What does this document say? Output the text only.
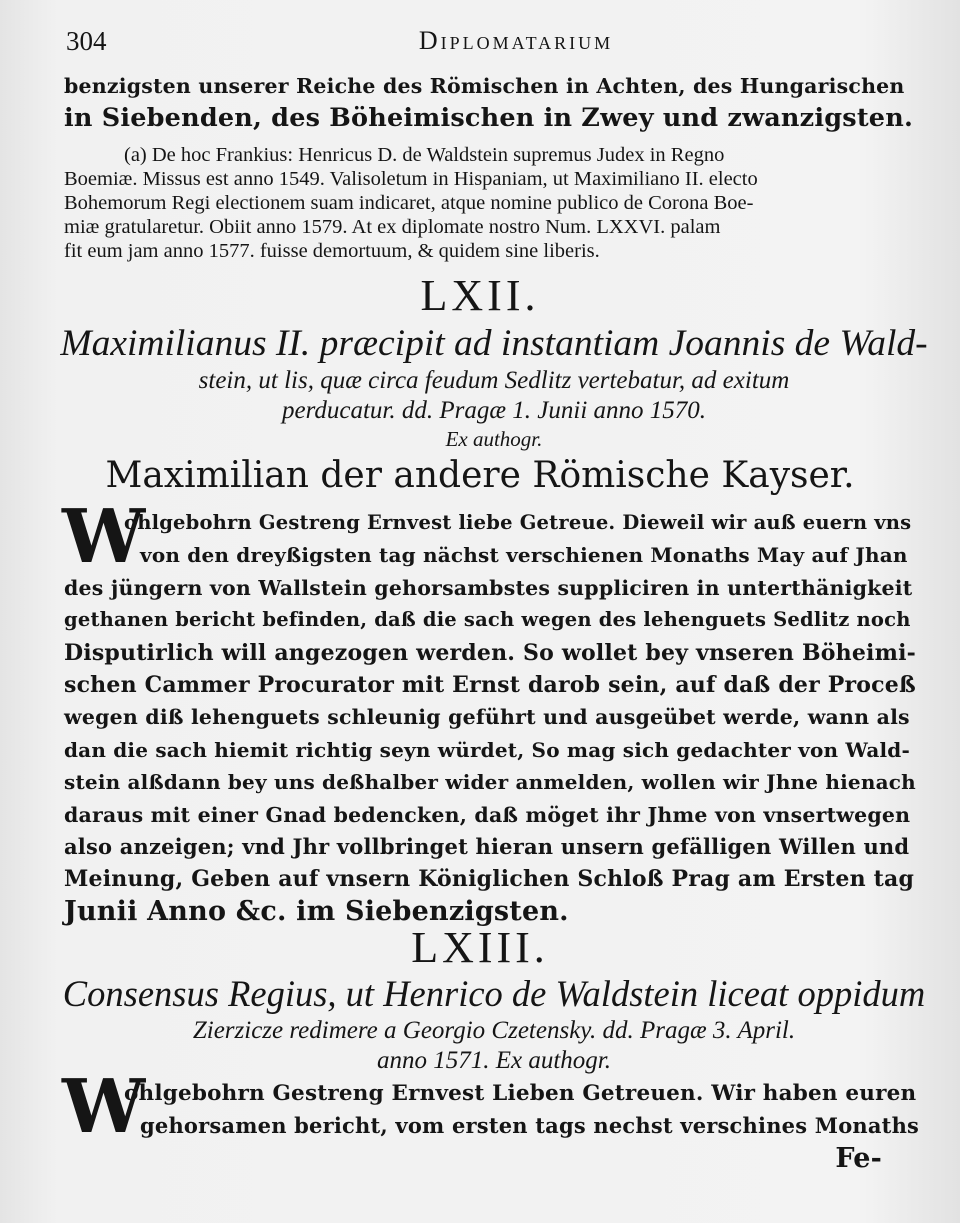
304	Diplomatarium
benzigsten unserer Reiche des Römischen in Achten, des Hungarischen
in Siebenden, des Böheimischen in Zwey und zwanzigsten.
(a) De hoc Frankius: Henricus D. de Waldstein supremus Judex in Regno
Boemiæ. Missus est anno 1549. Valisoletum in Hispaniam, ut Maximiliano II. electo
Bohemorum Regi electionem suam indicaret, atque nomine publico de Corona Boe-
miæ gratularetur. Obiit anno 1579. At ex diplomate nostro Num. LXXVI. palam
fit eum jam anno 1577. fuisse demortuum, & quidem sine liberis.
LXII.
Maximilianus II. præcipit ad instantiam Joannis de Wald-
stein, ut lis, quæ circa feudum Sedlitz vertebatur, ad exitum
perducatur. dd. Pragæ 1. Junii anno 1570.
Ex authogr.
Maximilian der andere Römische Kayser.
W
ohlgebohrn Gestreng Ernvest liebe Getreue. Dieweil wir auß euern vns
von den dreyßigsten tag nächst verschienen Monaths May auf Jhan
des jüngern von Wallstein gehorsambstes suppliciren in unterthänigkeit
gethanen bericht befinden, daß die sach wegen des lehenguets Sedlitz noch
Disputirlich will angezogen werden. So wollet bey vnseren Böheimi-
schen Cammer Procurator mit Ernst darob sein, auf daß der Proceß
wegen diß lehenguets schleunig geführt und ausgeübet werde, wann als
dan die sach hiemit richtig seyn würdet, So mag sich gedachter von Wald-
stein alßdann bey uns deßhalber wider anmelden, wollen wir Jhne hienach
daraus mit einer Gnad bedencken, daß möget ihr Jhme von vnsertwegen
also anzeigen; vnd Jhr vollbringet hieran unsern gefälligen Willen und
Meinung, Geben auf vnsern Königlichen Schloß Prag am Ersten tag
Junii Anno &c. im Siebenzigsten.
LXIII.
Consensus Regius, ut Henrico de Waldstein liceat oppidum
Zierzicze redimere a Georgio Czetensky. dd. Pragæ 3. April.
anno 1571. Ex authogr.
W
ohlgebohrn Gestreng Ernvest Lieben Getreuen. Wir haben euren
gehorsamen bericht, vom ersten tags nechst verschines Monaths
Fe-
